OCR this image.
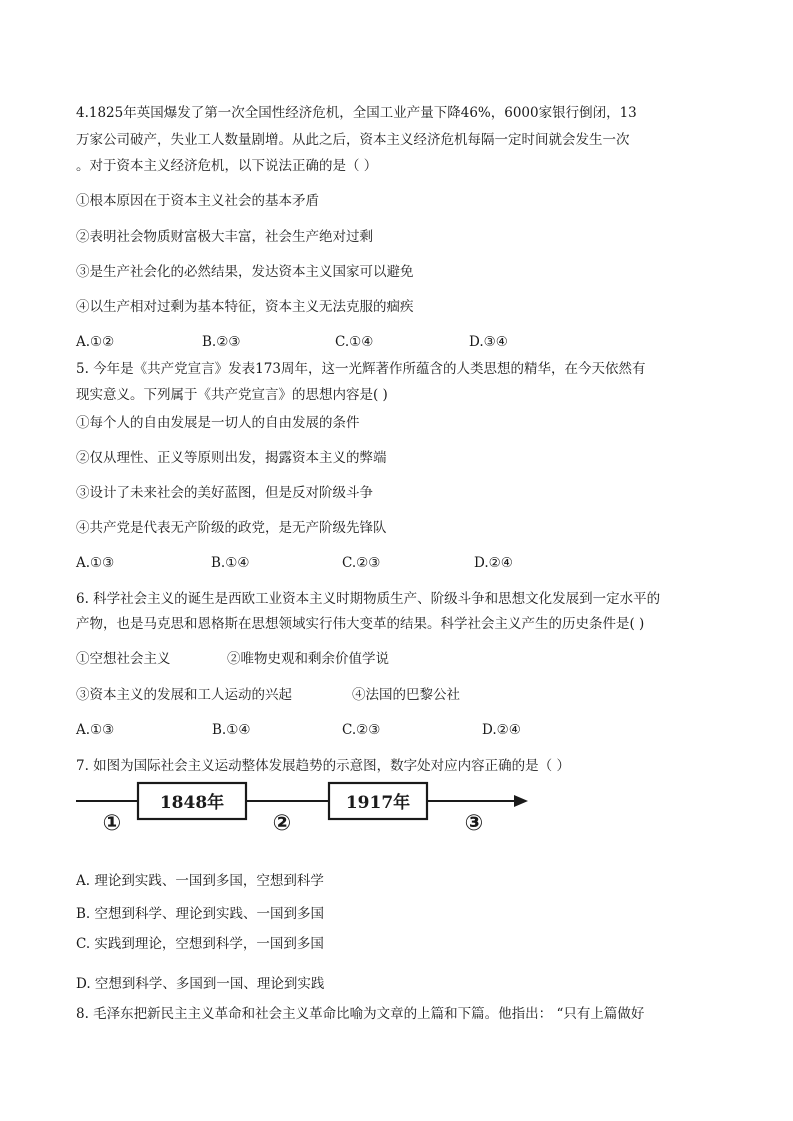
4.1825年英国爆发了第一次全国性经济危机，全国工业产量下降46%，6000家银行倒闭，13
万家公司破产，失业工人数量剧增。从此之后，资本主义经济危机每隔一定时间就会发生一次
。对于资本主义经济危机，以下说法正确的是（ ）
①根本原因在于资本主义社会的基本矛盾
②表明社会物质财富极大丰富，社会生产绝对过剩
③是生产社会化的必然结果，发达资本主义国家可以避免
④以生产相对过剩为基本特征，资本主义无法克服的痼疾
A.①②	B.②③	C.①④	D.③④
5. 今年是《共产党宣言》发表173周年，这一光辉著作所蕴含的人类思想的精华，在今天依然有
现实意义。下列属于《共产党宣言》的思想内容是( )
①每个人的自由发展是一切人的自由发展的条件
②仅从理性、正义等原则出发，揭露资本主义的弊端
③设计了未来社会的美好蓝图，但是反对阶级斗争
④共产党是代表无产阶级的政党，是无产阶级先锋队
A.①③	B.①④	C.②③	D.②④
6. 科学社会主义的诞生是西欧工业资本主义时期物质生产、阶级斗争和思想文化发展到一定水平的
产物，也是马克思和恩格斯在思想领域实行伟大变革的结果。科学社会主义产生的历史条件是( )
①空想社会主义	②唯物史观和剩余价值学说
③资本主义的发展和工人运动的兴起	④法国的巴黎公社
A.①③	B.①④	C.②③	D.②④
7. 如图为国际社会主义运动整体发展趋势的示意图，数字处对应内容正确的是（ ）
1848年	1917年
①	②	③
A. 理论到实践、一国到多国，空想到科学
B. 空想到科学、理论到实践、一国到多国
C. 实践到理论，空想到科学，一国到多国
D. 空想到科学、多国到一国、理论到实践
8. 毛泽东把新民主主义革命和社会主义革命比喻为文章的上篇和下篇。他指出： “只有上篇做好
